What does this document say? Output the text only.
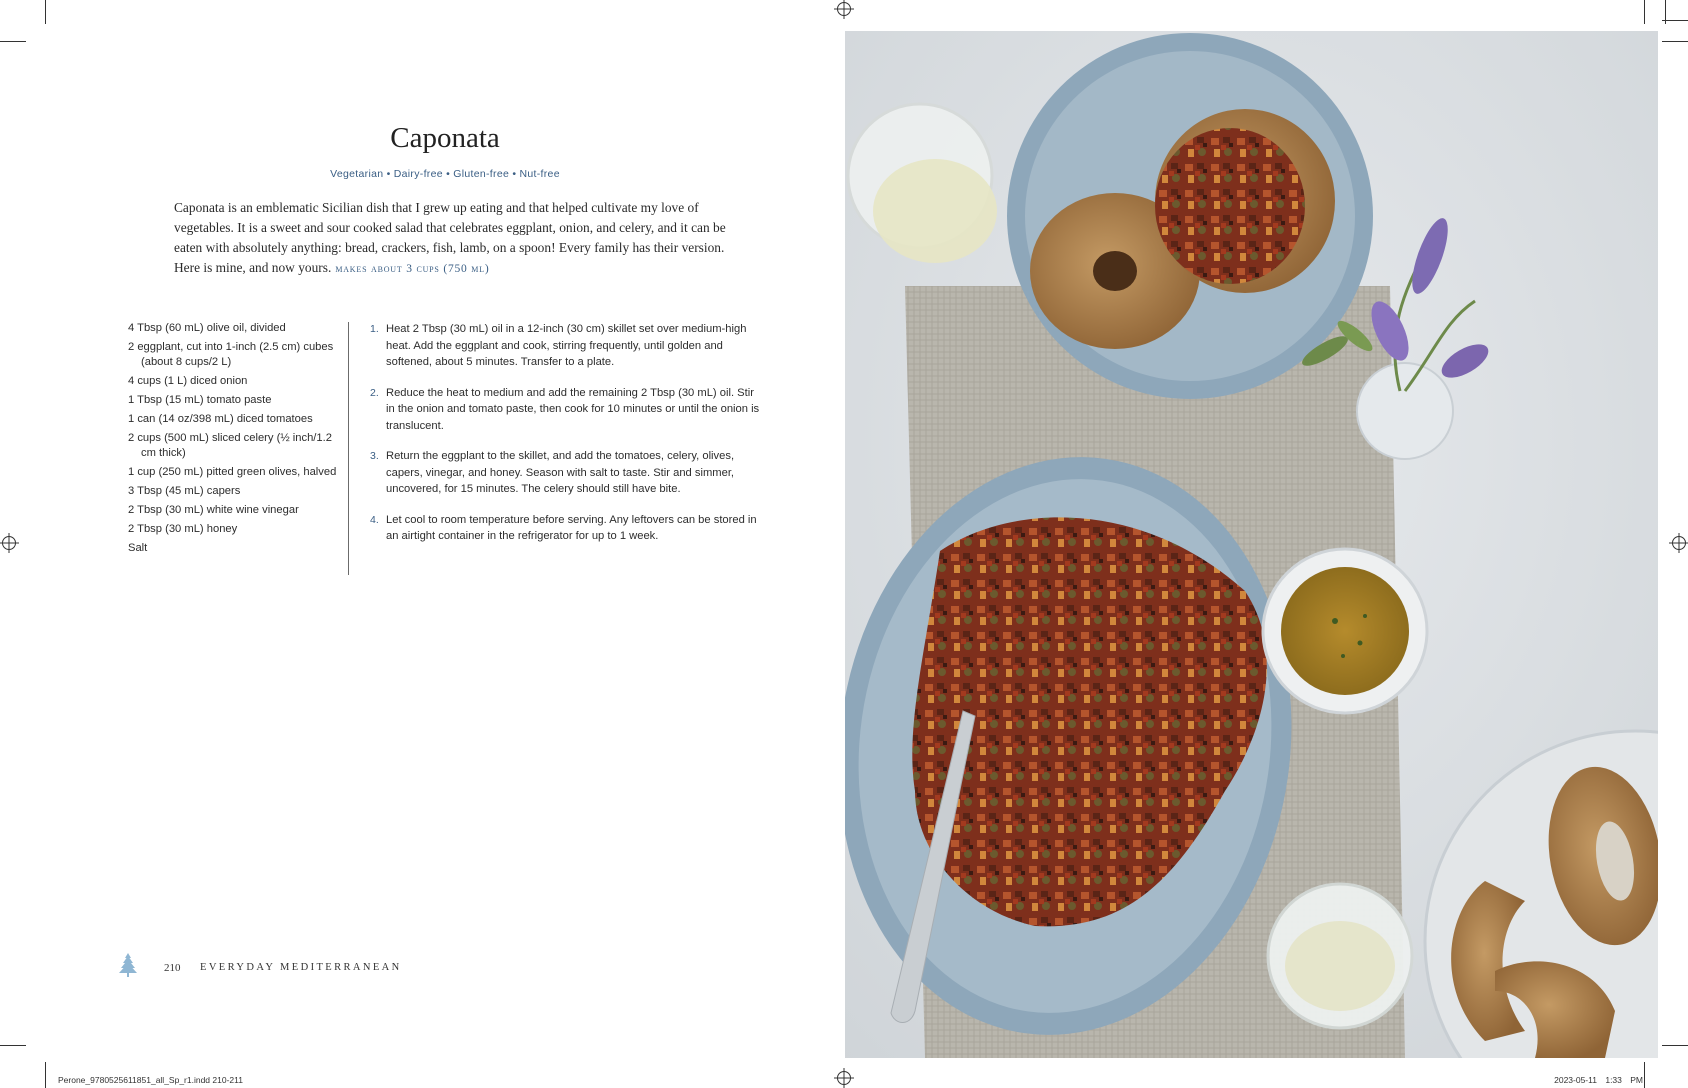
Caponata
Vegetarian • Dairy-free • Gluten-free • Nut-free

Caponata is an emblematic Sicilian dish that I grew up eating and that helped cultivate my love of vegetables. It is a sweet and sour cooked salad that celebrates eggplant, onion, and celery, and it can be eaten with absolutely anything: bread, crackers, fish, lamb, on a spoon! Every family has their version. Here is mine, and now yours. makes about 3 cups (750 ml)

4 Tbsp (60 mL) olive oil, divided
2 eggplant, cut into 1-inch (2.5 cm) cubes (about 8 cups/2 L)
4 cups (1 L) diced onion
1 Tbsp (15 mL) tomato paste
1 can (14 oz/398 mL) diced tomatoes
2 cups (500 mL) sliced celery (½ inch/1.2 cm thick)
1 cup (250 mL) pitted green olives, halved
3 Tbsp (45 mL) capers
2 Tbsp (30 mL) white wine vinegar
2 Tbsp (30 mL) honey
Salt
1. Heat 2 Tbsp (30 mL) oil in a 12-inch (30 cm) skillet set over medium-high heat. Add the eggplant and cook, stirring frequently, until golden and softened, about 5 minutes. Transfer to a plate.
2. Reduce the heat to medium and add the remaining 2 Tbsp (30 mL) oil. Stir in the onion and tomato paste, then cook for 10 minutes or until the onion is translucent.
3. Return the eggplant to the skillet, and add the tomatoes, celery, olives, capers, vinegar, and honey. Season with salt to taste. Stir and simmer, uncovered, for 15 minutes. The celery should still have bite.
4. Let cool to room temperature before serving. Any leftovers can be stored in an airtight container in the refrigerator for up to 1 week.
210 EVERYDAY MEDITERRANEAN
Perone_9780525611851_all_Sp_r1.indd 210-211	2023-05-11 1:33 PM
